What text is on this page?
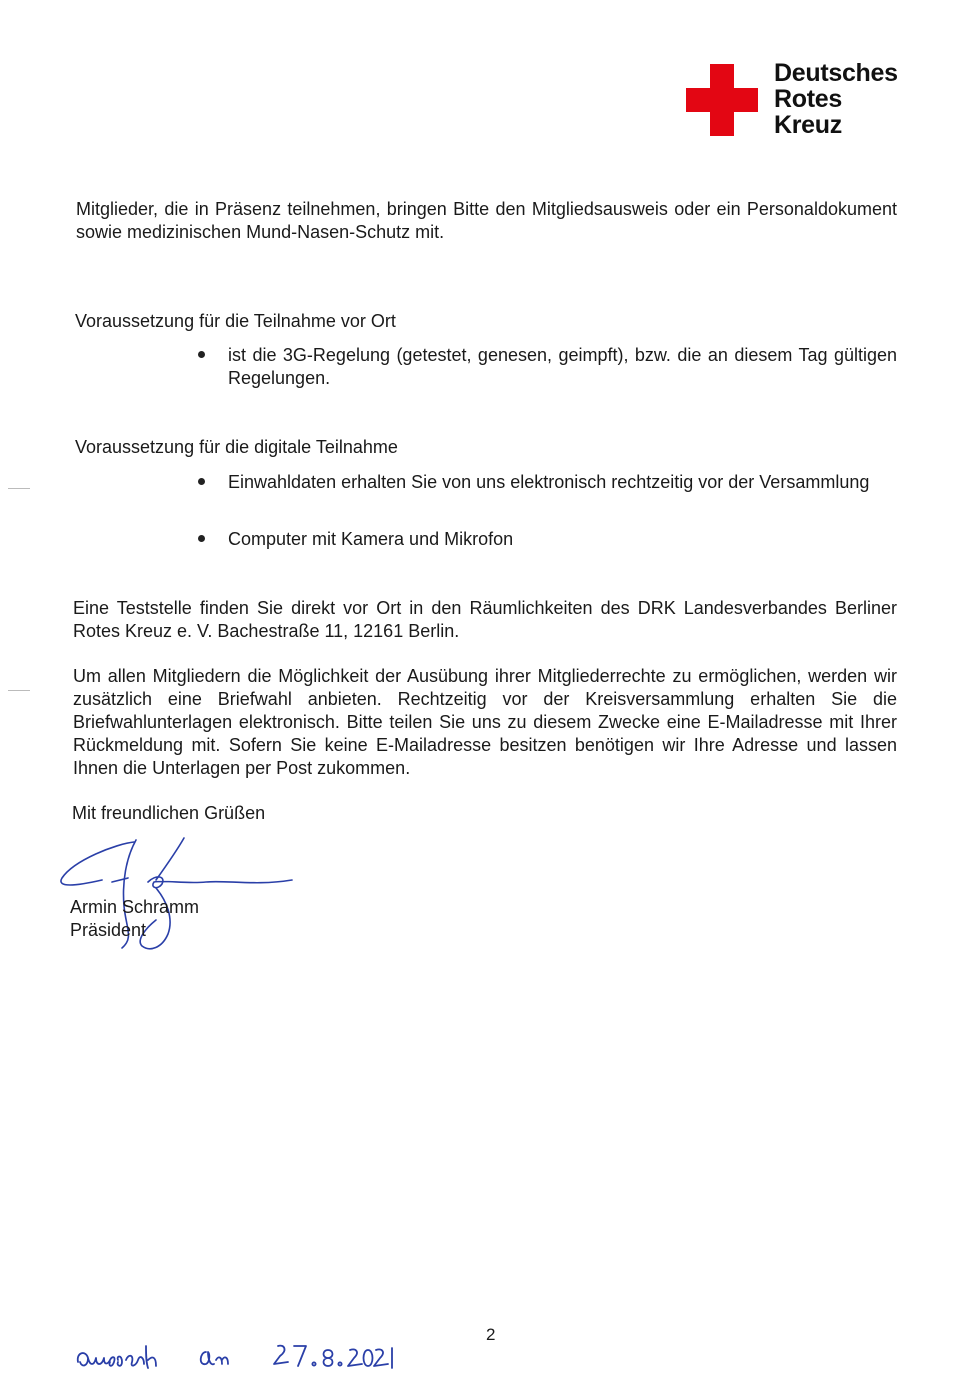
Deutsches
Rotes
Kreuz
Mitglieder, die in Präsenz teilnehmen, bringen Bitte den Mitgliedsausweis oder ein Personaldokument sowie medizinischen Mund-Nasen-Schutz mit.
Voraussetzung für die Teilnahme vor Ort
ist die 3G-Regelung (getestet, genesen, geimpft), bzw. die an diesem Tag gültigen Regelungen.
Voraussetzung für die digitale Teilnahme
Einwahldaten erhalten Sie von uns elektronisch rechtzeitig vor der Versammlung
Computer mit Kamera und Mikrofon
Eine Teststelle finden Sie direkt vor Ort in den Räumlichkeiten des DRK Landesverbandes Berliner Rotes Kreuz e. V. Bachestraße 11, 12161 Berlin.
Um allen Mitgliedern die Möglichkeit der Ausübung ihrer Mitgliederrechte zu ermöglichen, werden wir zusätzlich eine Briefwahl anbieten. Rechtzeitig vor der Kreisversammlung erhalten Sie die Briefwahlunterlagen elektronisch. Bitte teilen Sie uns zu diesem Zwecke eine E-Mailadresse mit Ihrer Rückmeldung mit. Sofern Sie keine E-Mailadresse besitzen benötigen wir Ihre Adresse und lassen Ihnen die Unterlagen per Post zukommen.
Mit freundlichen Grüßen
Armin Schramm
Präsident
2
